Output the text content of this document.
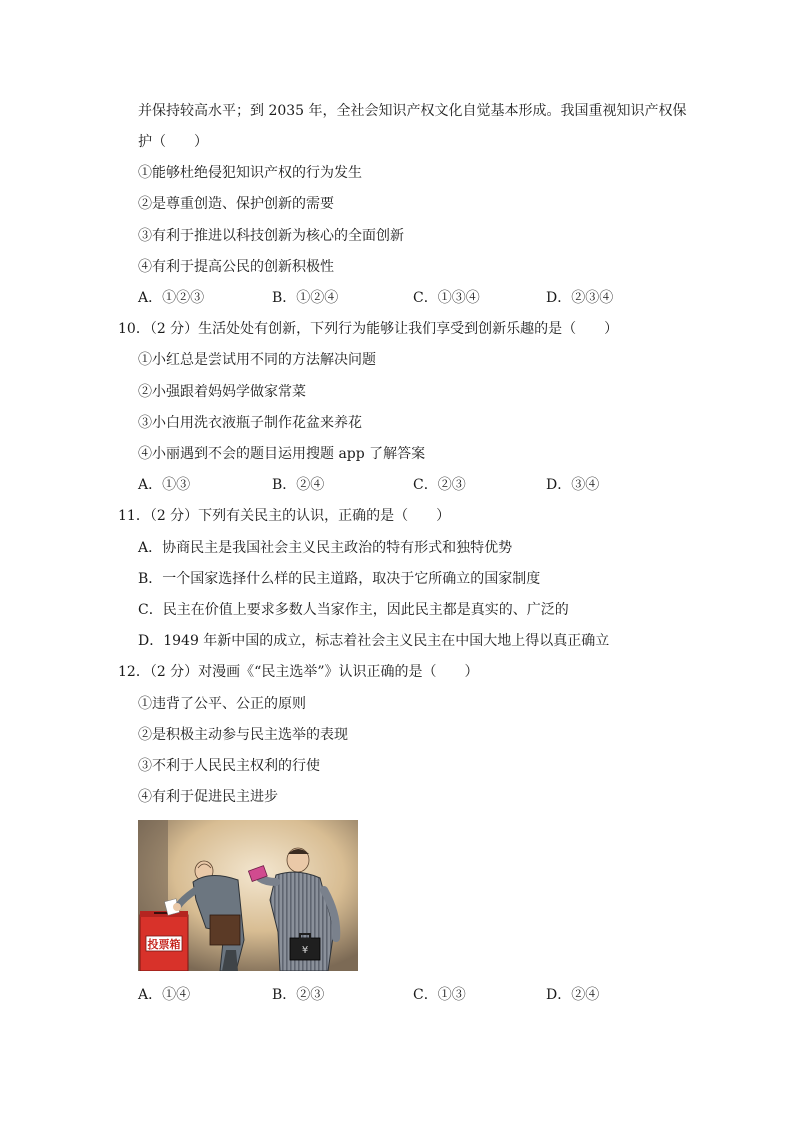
并保持较高水平；到 2035 年，全社会知识产权文化自觉基本形成。我国重视知识产权保
护（　　）
①能够杜绝侵犯知识产权的行为发生
②是尊重创造、保护创新的需要
③有利于推进以科技创新为核心的全面创新
④有利于提高公民的创新积极性
A．①②③	B．①②④	C．①③④	D．②③④
10．（2 分）生活处处有创新，下列行为能够让我们享受到创新乐趣的是（　　）
①小红总是尝试用不同的方法解决问题
②小强跟着妈妈学做家常菜
③小白用洗衣液瓶子制作花盆来养花
④小丽遇到不会的题目运用搜题 app 了解答案
A．①③	B．②④	C．②③	D．③④
11．（2 分）下列有关民主的认识，正确的是（　　）
A．协商民主是我国社会主义民主政治的特有形式和独特优势
B．一个国家选择什么样的民主道路，取决于它所确立的国家制度
C．民主在价值上要求多数人当家作主，因此民主都是真实的、广泛的
D．1949 年新中国的成立，标志着社会主义民主在中国大地上得以真正确立
12．（2 分）对漫画《“民主选举”》认识正确的是（　　）
①违背了公平、公正的原则
②是积极主动参与民主选举的表现
③不利于人民民主权利的行使
④有利于促进民主进步
投票箱	¥
A．①④	B．②③	C．①③	D．②④
